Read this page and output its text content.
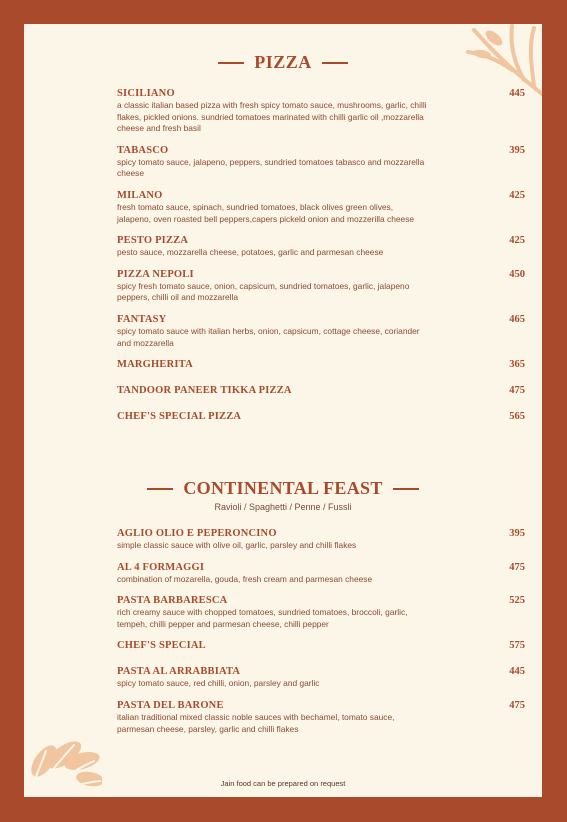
PIZZA
SICILIANO	445
a classic italian based pizza with fresh spicy tomato sauce, mushrooms, garlic, chilli flakes, pickled onions. sundried tomatoes marinated with chilli garlic oil ,mozzarella cheese and fresh basil
TABASCO	395
spicy tomato sauce, jalapeno, peppers, sundried tomatoes tabasco and mozzarella cheese
MILANO	425
fresh tomato sauce, spinach, sundried tomatoes, black olives green olives, jalapeno, oven roasted bell peppers,capers pickeld onion and mozzerilla cheese
PESTO PIZZA	425
pesto sauce, mozzarella cheese, potatoes, garlic and parmesan cheese
PIZZA NEPOLI	450
spicy fresh tomato sauce, onion, capsicum, sundried tomatoes, garlic, jalapeno peppers, chilli oil and mozzarella
FANTASY	465
spicy tomato sauce with italian herbs, onion, capsicum, cottage cheese, coriander and mozzarella
MARGHERITA	365
TANDOOR PANEER TIKKA PIZZA	475
CHEF'S SPECIAL PIZZA	565
CONTINENTAL FEAST
Ravioli / Spaghetti / Penne / Fussli
AGLIO OLIO E PEPERONCINO	395
simple classic sauce with olive oil, garlic, parsley and chilli flakes
AL 4 FORMAGGI	475
combination of mozarella, gouda, fresh cream and parmesan cheese
PASTA BARBARESCA	525
rich creamy sauce with chopped tomatoes, sundried tomatoes, broccoli, garlic, tempeh, chilli pepper and parmesan cheese, chilli pepper
CHEF'S SPECIAL	575
PASTA AL ARRABBIATA	445
spicy tomato sauce, red chilli, onion, parsley and garlic
PASTA DEL BARONE	475
italian traditional mixed classic noble sauces with bechamel, tomato sauce, parmesan cheese, parsley, garlic and chilli flakes
Jain food can be prepared on request
